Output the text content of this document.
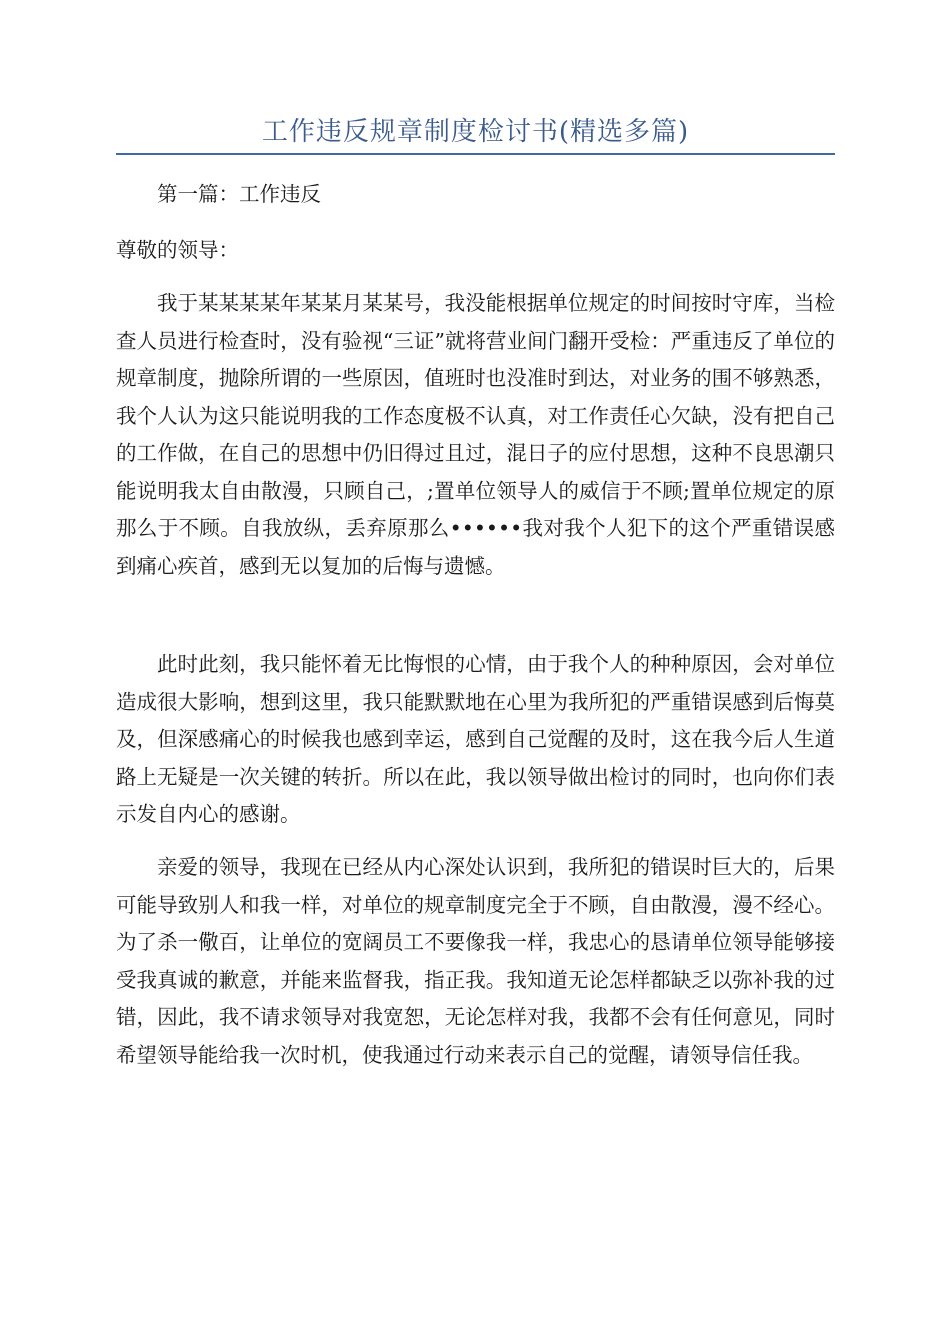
工作违反规章制度检讨书(精选多篇)

第一篇：工作违反

尊敬的领导：

我于某某某某年某某月某某号，我没能根据单位规定的时间按时守库，当检查人员进行检查时，没有验视“三证”就将营业间门翻开受检：严重违反了单位的规章制度，抛除所谓的一些原因，值班时也没准时到达，对业务的围不够熟悉，我个人认为这只能说明我的工作态度极不认真，对工作责任心欠缺，没有把自己的工作做，在自己的思想中仍旧得过且过，混日子的应付思想，这种不良思潮只能说明我太自由散漫，只顾自己，;置单位领导人的威信于不顾;置单位规定的原那么于不顾。自我放纵，丢弃原那么••••••我对我个人犯下的这个严重错误感到痛心疾首，感到无以复加的后悔与遗憾。

此时此刻，我只能怀着无比悔恨的心情，由于我个人的种种原因，会对单位造成很大影响，想到这里，我只能默默地在心里为我所犯的严重错误感到后悔莫及，但深感痛心的时候我也感到幸运，感到自己觉醒的及时，这在我今后人生道路上无疑是一次关键的转折。所以在此，我以领导做出检讨的同时，也向你们表示发自内心的感谢。

亲爱的领导，我现在已经从内心深处认识到，我所犯的错误时巨大的，后果可能导致别人和我一样，对单位的规章制度完全于不顾，自由散漫，漫不经心。为了杀一儆百，让单位的宽阔员工不要像我一样，我忠心的恳请单位领导能够接受我真诚的歉意，并能来监督我，指正我。我知道无论怎样都缺乏以弥补我的过错，因此，我不请求领导对我宽恕，无论怎样对我，我都不会有任何意见，同时希望领导能给我一次时机，使我通过行动来表示自己的觉醒，请领导信任我。
